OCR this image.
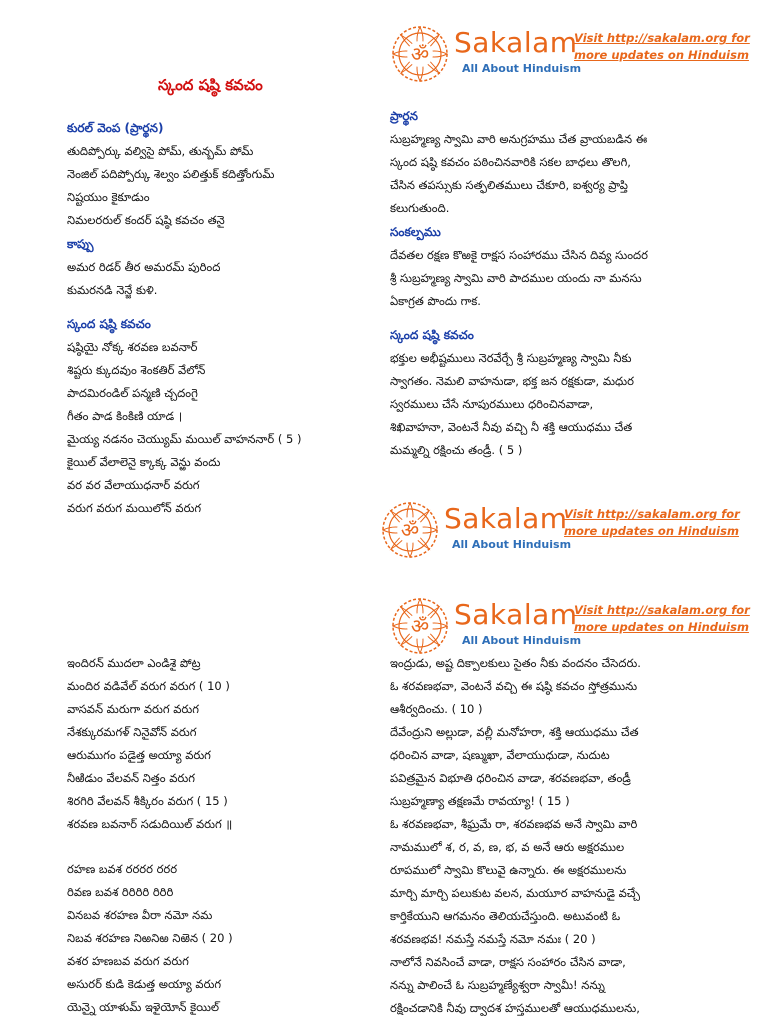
Sakalam
All About Hinduism
Visit http://sakalam.org for
more updates on Hinduism
స్కంద షష్ఠి కవచం
కురల్ వెంప (ప్రార్థన)
తుదిప్పోర్కు వల్విసై పోమ్, తున్బమ్ పోమ్
నెంజిల్ పదిప్పోర్కు శెల్వం పలిత్తుక్ కదిత్తోంగుమ్
నిష్టయుం కైకూడుం
నిమలరరుల్ కందర్ షష్ఠి కవచం తనై
కాప్పు
అమర రిడర్ తీర అమరమ్ పురింద
కుమరనడి నెన్జే కుళి.
స్కంద షష్ఠి కవచం
షష్ఠియై నోక్క శరవణ బవనార్
శిష్టరు క్కుదవుం శెంకతిర్ వేలోన్
పాదమిరండిల్ పన్మణి చ్చదంగై
గీతం పాడ కింకిణి యాడ ।
మైయ్య నడనం చెయ్యుమ్ మయిల్ వాహననార్ ( 5 )
కైయిల్ వేలాలెనై క్కాక్క వెన్ఱు వందు
వర వర వేలాయుధనార్ వరుగ
వరుగ వరుగ మయిలోన్ వరుగ
ప్రార్థన
సుబ్రహ్మణ్య స్వామి వారి అనుగ్రహము చేత వ్రాయబడిన ఈ
స్కంద షష్ఠి కవచం పఠించినవారికి సకల బాధలు తొలగి,
చేసిన తపస్సుకు సత్ఫలితములు చేకూరి, ఐశ్వర్య ప్రాప్తి
కలుగుతుంది.
సంకల్పము
దేవతల రక్షణ కొఱకై రాక్షస సంహారము చేసిన దివ్య సుందర
శ్రీ సుబ్రహ్మణ్య స్వామి వారి పాదముల యందు నా మనసు
ఏకాగ్రత పొందు గాక.
స్కంద షష్ఠి కవచం
భక్తుల అభీష్టములు నెరవేర్చే శ్రీ సుబ్రహ్మణ్య స్వామి నీకు
స్వాగతం. నెమలి వాహనుడా, భక్త జన రక్షకుడా, మధుర
స్వరములు చేసే నూపురములు ధరించినవాడా,
శిఖివాహనా, వెంటనే నీవు వచ్చి నీ శక్తి ఆయుధము చేత
మమ్మల్ని రక్షించు తండ్రీ. ( 5 )
Sakalam
All About Hinduism
Visit http://sakalam.org for
more updates on Hinduism
Sakalam
All About Hinduism
Visit http://sakalam.org for
more updates on Hinduism
ఇందిరన్ ముదలా ఎండిశై పోట్ర
మందిర వడివేల్ వరుగ వరుగ ( 10 )
వాసవన్ మరుగా వరుగ వరుగ
నేశక్కురమగళ్ నినైవోన్ వరుగ
ఆరుముగం పడైత్త అయ్యా వరుగ
నీఱిడుం వేలవన్ నిత్తం వరుగ
శిరగిరి వేలవన్ శీక్కిరం వరుగ ( 15 )
శరవణ బవనార్ సడుదియిల్ వరుగ ॥
రహణ బవశ రరరర రరర
రివణ బవశ రిరిరిరి రిరిరి
వినబవ శరహణ వీరా నమో నమ
నిబవ శరహణ నిఱనిఱ నిఱెన ( 20 )
వశర హణబవ వరుగ వరుగ
అసురర్ కుడి కెడుత్త అయ్యా వరుగ
యెన్నై యాళుమ్ ఇళైయోన్ కైయిల్
ఇంద్రుడు, అష్ట దిక్పాలకులు సైతం నీకు వందనం చేసెదరు.
ఓ శరవణభవా, వెంటనే వచ్చి ఈ షష్ఠి కవచం స్తోత్రమును
ఆశీర్వదించు. ( 10 )
దేవేంద్రుని అల్లుడా, వల్లీ మనోహరా, శక్తి ఆయుధము చేత
ధరించిన వాడా, షణ్ముఖా, వేలాయుధుడా, నుదుట
పవిత్రమైన విభూతి ధరించిన వాడా, శరవణభవా, తండ్రీ
సుబ్రహ్మణ్యా తక్షణమే రావయ్యా! ( 15 )
ఓ శరవణభవా, శీఘ్రమే రా, శరవణభవ అనే స్వామి వారి
నామములో శ, ర, వ, ణ, భ, వ అనే ఆరు అక్షరముల
రూపములో స్వామి కొలువై ఉన్నారు. ఈ అక్షరములను
మార్చి మార్చి పలుకుట వలన, మయూర వాహనుడై వచ్చే
కార్తికేయుని ఆగమనం తెలియచేస్తుంది. అటువంటి ఓ
శరవణభవ! నమస్తే నమస్తే నమో నమః ( 20 )
నాలోనే నివసించే వాడా, రాక్షస సంహారం చేసిన వాడా,
నన్ను పాలించే ఓ సుబ్రహ్మణ్యేశ్వరా స్వామీ! నన్ను
రక్షించడానికి నీవు ద్వాదశ హస్తములతో ఆయుధములను,
